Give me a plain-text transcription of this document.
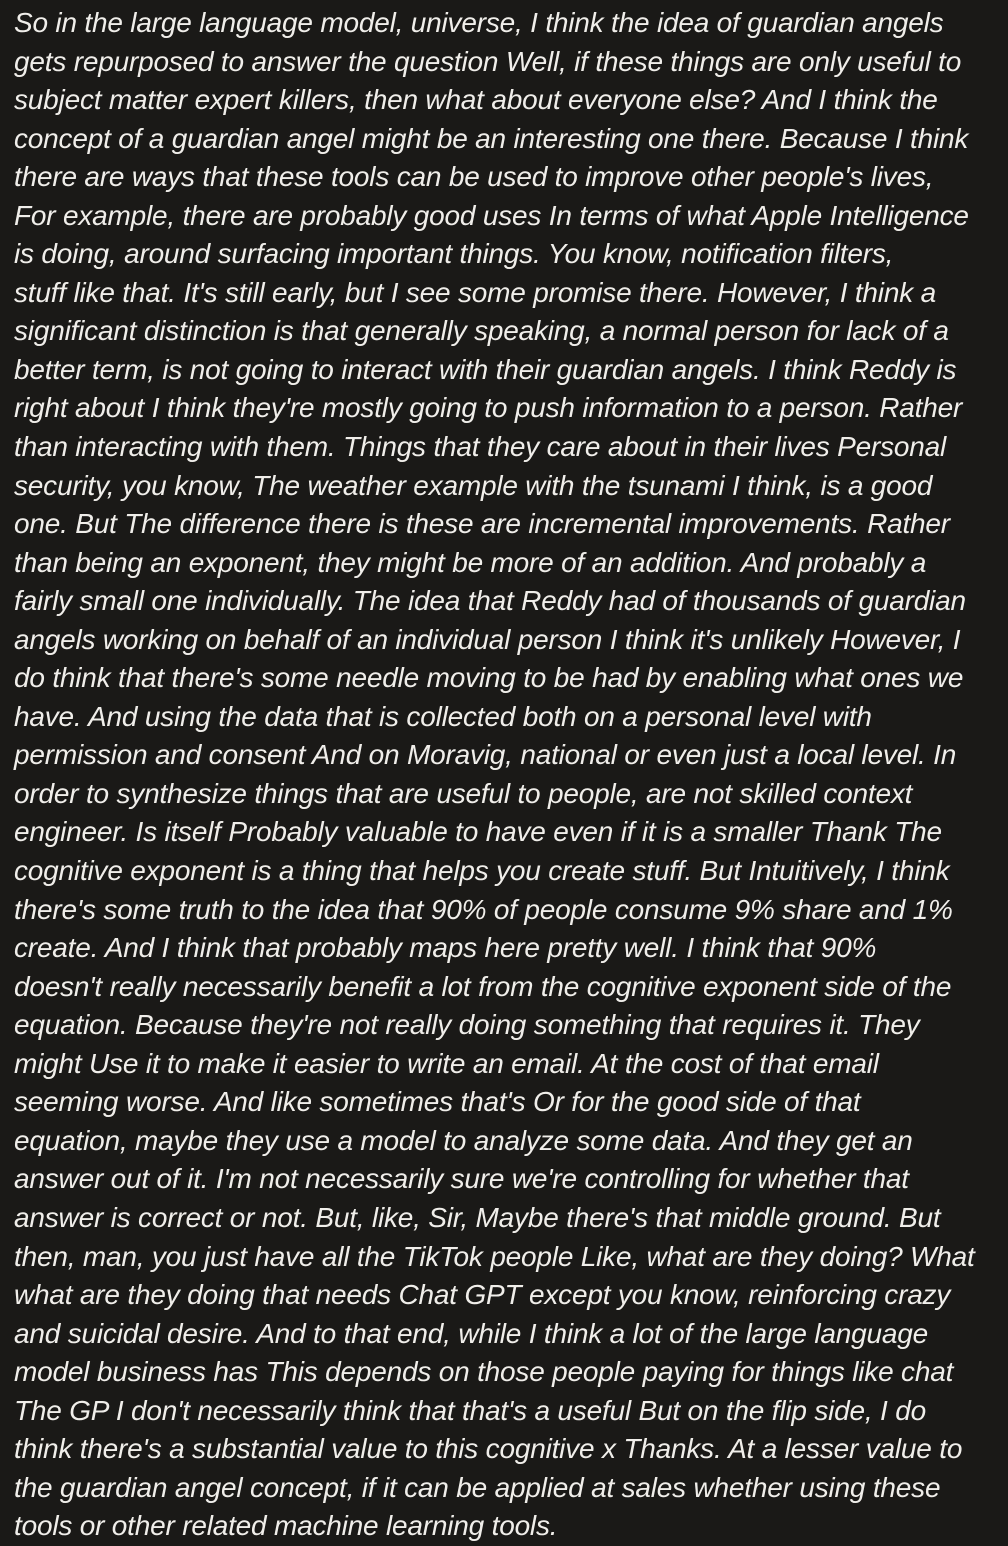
So in the large language model, universe, I think the idea of guardian angels
gets repurposed to answer the question Well, if these things are only useful to
subject matter expert killers, then what about everyone else? And I think the
concept of a guardian angel might be an interesting one there. Because I think
there are ways that these tools can be used to improve other people's lives,
For example, there are probably good uses In terms of what Apple Intelligence
is doing, around surfacing important things. You know, notification filters,
stuff like that. It's still early, but I see some promise there. However, I think a
significant distinction is that generally speaking, a normal person for lack of a
better term, is not going to interact with their guardian angels. I think Reddy is
right about I think they're mostly going to push information to a person. Rather
than interacting with them. Things that they care about in their lives Personal
security, you know, The weather example with the tsunami I think, is a good
one. But The difference there is these are incremental improvements. Rather
than being an exponent, they might be more of an addition. And probably a
fairly small one individually. The idea that Reddy had of thousands of guardian
angels working on behalf of an individual person I think it's unlikely However, I
do think that there's some needle moving to be had by enabling what ones we
have. And using the data that is collected both on a personal level with
permission and consent And on Moravig, national or even just a local level. In
order to synthesize things that are useful to people, are not skilled context
engineer. Is itself Probably valuable to have even if it is a smaller Thank The
cognitive exponent is a thing that helps you create stuff. But Intuitively, I think
there's some truth to the idea that 90% of people consume 9% share and 1%
create. And I think that probably maps here pretty well. I think that 90%
doesn't really necessarily benefit a lot from the cognitive exponent side of the
equation. Because they're not really doing something that requires it. They
might Use it to make it easier to write an email. At the cost of that email
seeming worse. And like sometimes that's Or for the good side of that
equation, maybe they use a model to analyze some data. And they get an
answer out of it. I'm not necessarily sure we're controlling for whether that
answer is correct or not. But, like, Sir, Maybe there's that middle ground. But
then, man, you just have all the TikTok people Like, what are they doing? What
what are they doing that needs Chat GPT except you know, reinforcing crazy
and suicidal desire. And to that end, while I think a lot of the large language
model business has This depends on those people paying for things like chat
The GP I don't necessarily think that that's a useful But on the flip side, I do
think there's a substantial value to this cognitive x Thanks. At a lesser value to
the guardian angel concept, if it can be applied at sales whether using these
tools or other related machine learning tools.
